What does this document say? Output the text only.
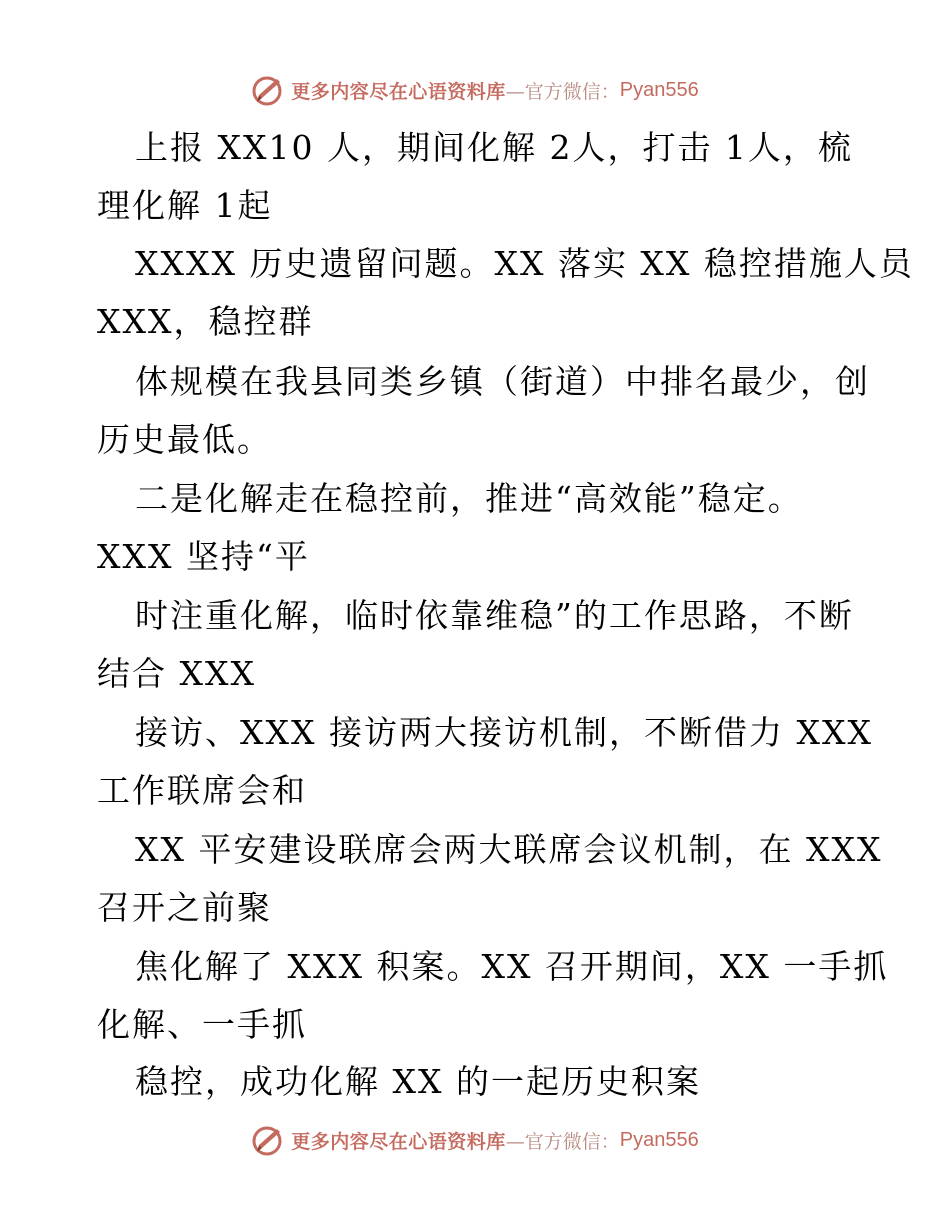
更多内容尽在心语资料库 —官方微信： Pyan556
上报 XX10 人，期间化解 2人，打击 1人，梳
理化解 1起
XXXX 历史遗留问题。XX 落实 XX 稳控措施人员
XXX，稳控群
体规模在我县同类乡镇（街道）中排名最少，创
历史最低。
二是化解走在稳控前，推进“高效能”稳定。
XXX 坚持“平
时注重化解，临时依靠维稳”的工作思路，不断
结合 XXX
接访、XXX 接访两大接访机制，不断借力 XXX
工作联席会和
XX 平安建设联席会两大联席会议机制，在 XXX
召开之前聚
焦化解了 XXX 积案。XX 召开期间，XX 一手抓
化解、一手抓
稳控，成功化解 XX 的一起历史积案
更多内容尽在心语资料库 —官方微信： Pyan556
